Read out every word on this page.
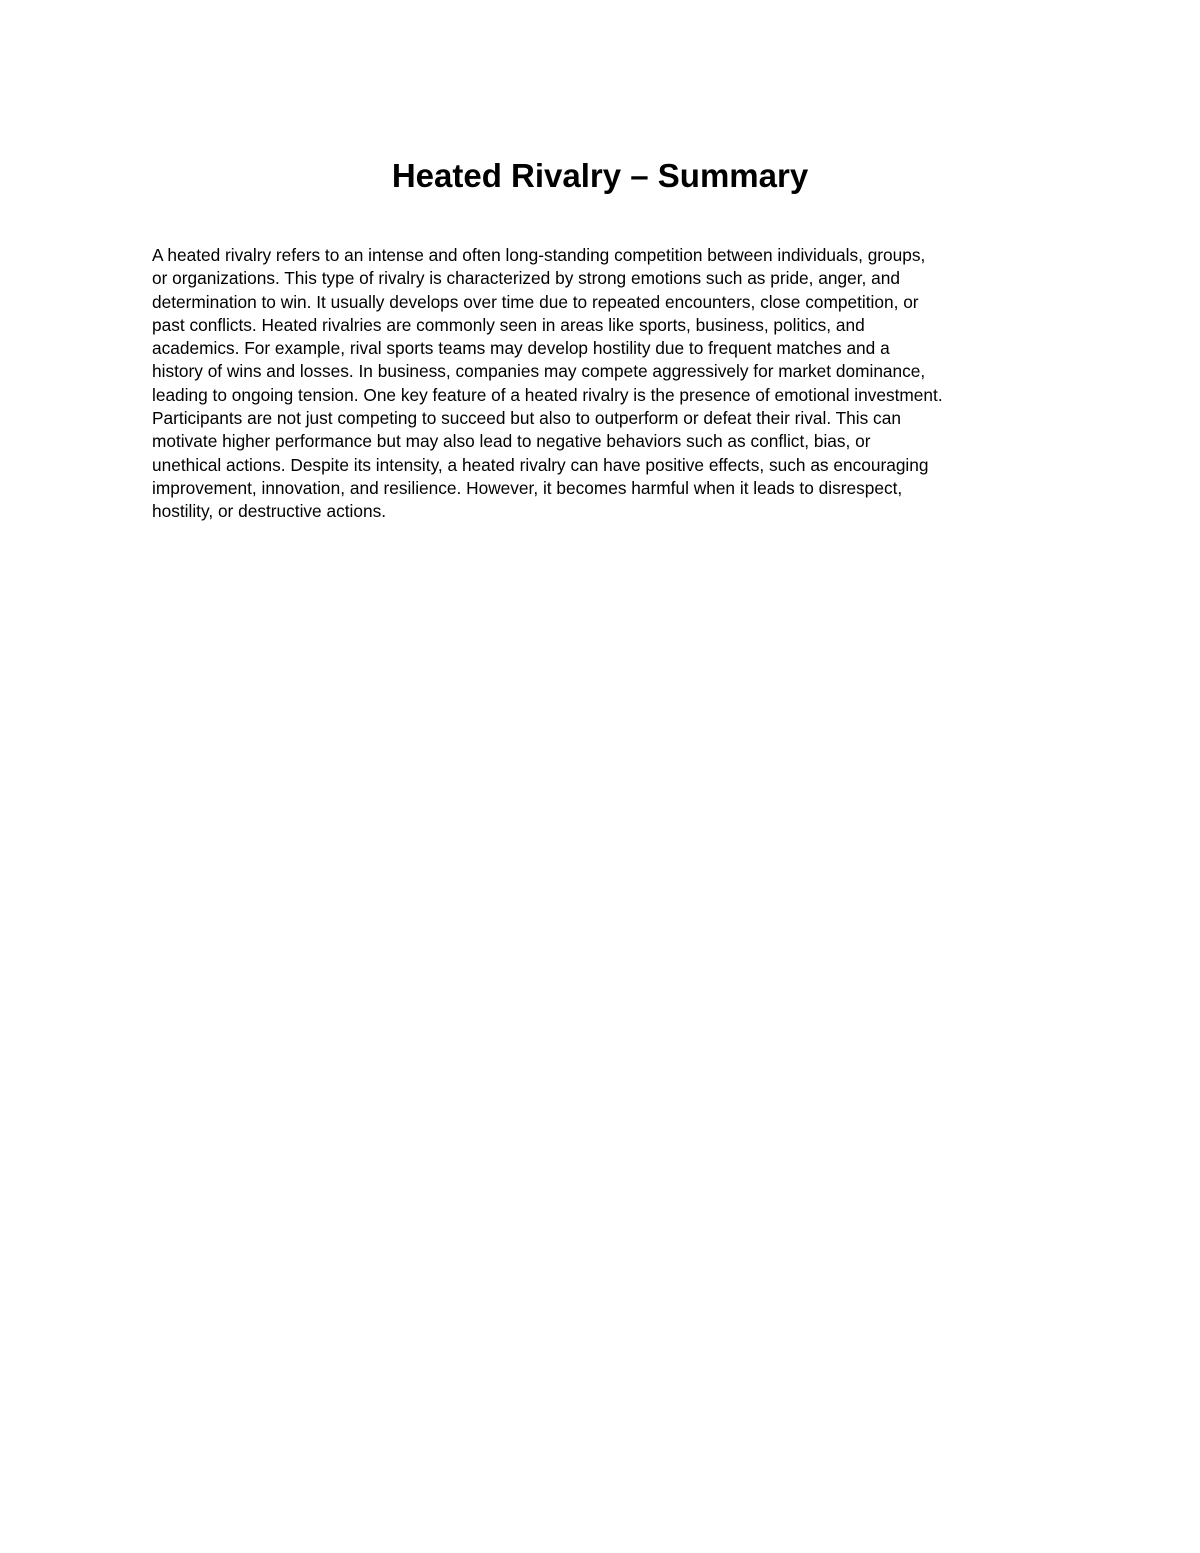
Heated Rivalry – Summary

A heated rivalry refers to an intense and often long-standing competition between individuals, groups,
or organizations. This type of rivalry is characterized by strong emotions such as pride, anger, and
determination to win. It usually develops over time due to repeated encounters, close competition, or
past conflicts. Heated rivalries are commonly seen in areas like sports, business, politics, and
academics. For example, rival sports teams may develop hostility due to frequent matches and a
history of wins and losses. In business, companies may compete aggressively for market dominance,
leading to ongoing tension. One key feature of a heated rivalry is the presence of emotional investment.
Participants are not just competing to succeed but also to outperform or defeat their rival. This can
motivate higher performance but may also lead to negative behaviors such as conflict, bias, or
unethical actions. Despite its intensity, a heated rivalry can have positive effects, such as encouraging
improvement, innovation, and resilience. However, it becomes harmful when it leads to disrespect,
hostility, or destructive actions.
